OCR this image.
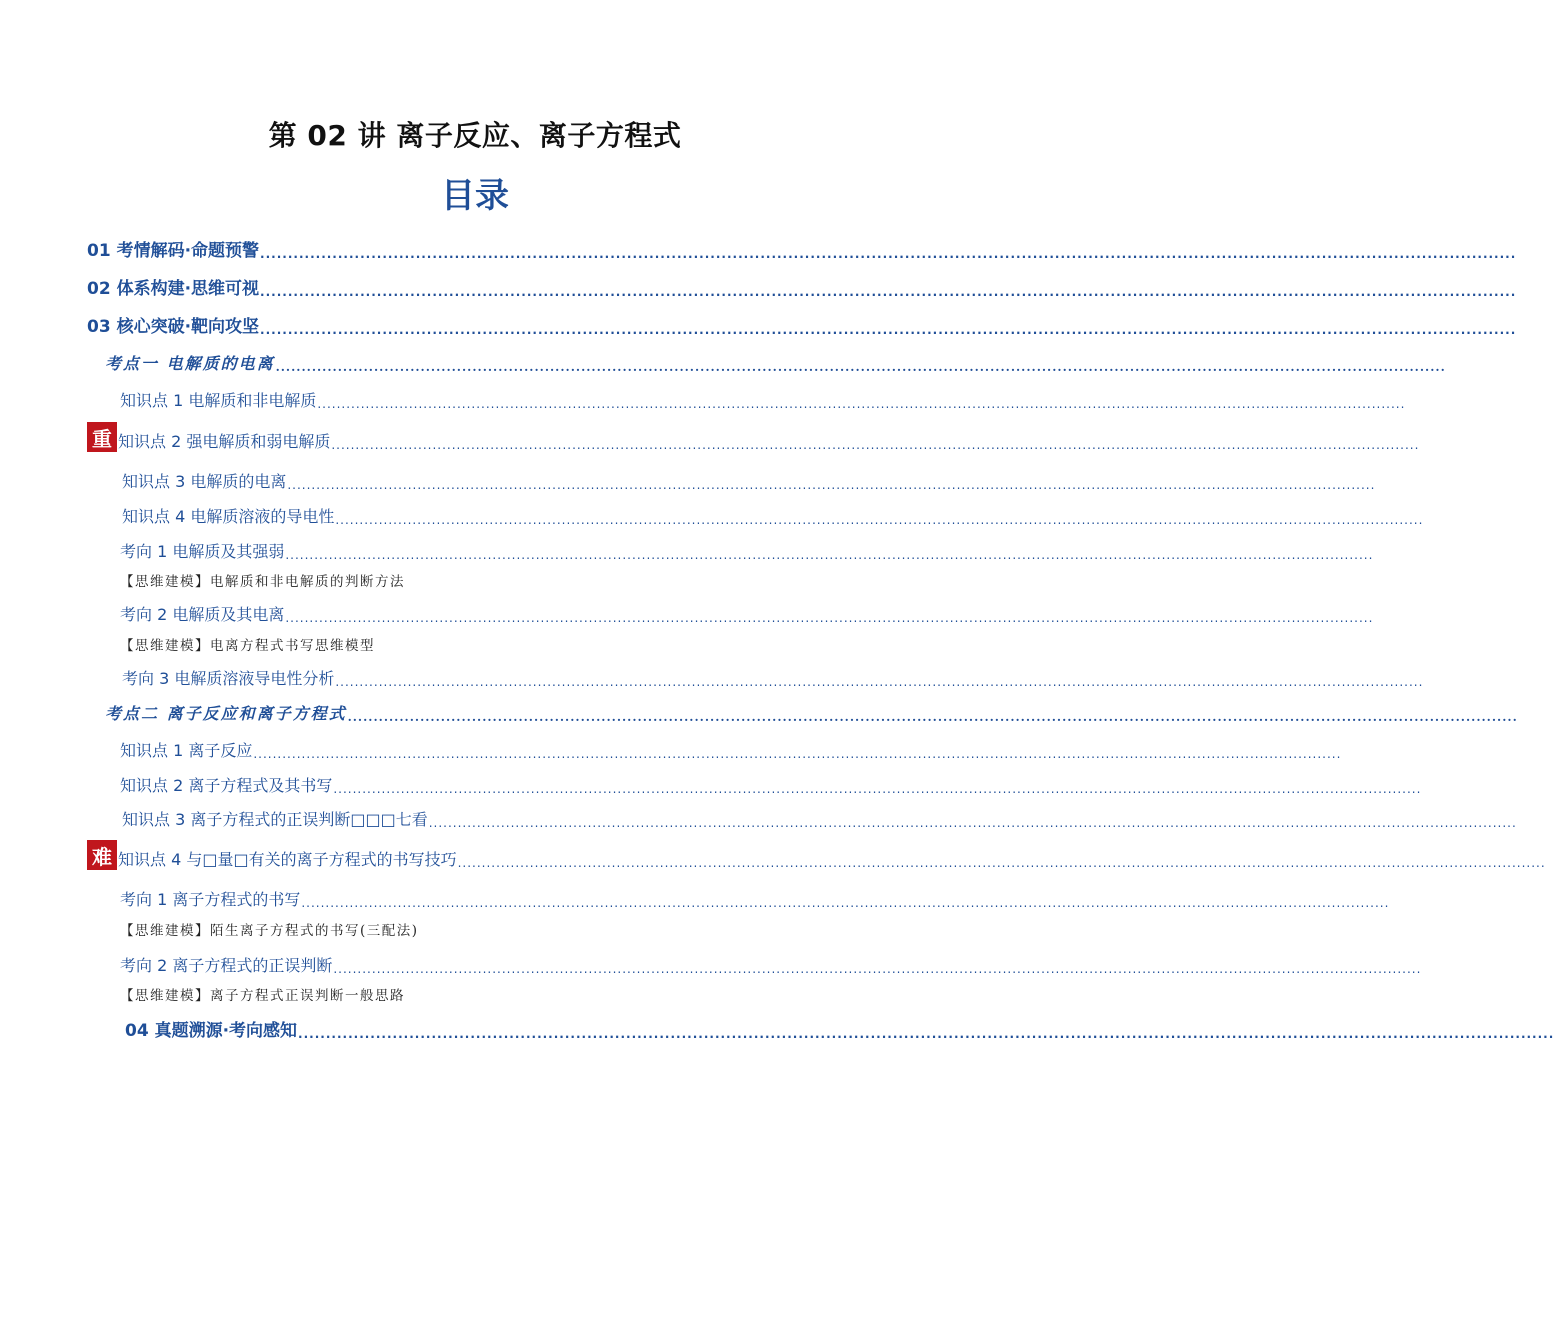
第 02 讲 离子反应、离子方程式
目录
01 考情解码·命题预警 ..................................................................................................................................................................................................................................
02 体系构建·思维可视 ..................................................................................................................................................................................................................................
03 核心突破·靶向攻坚 ..................................................................................................................................................................................................................................
考点一 电解质的电离 ..................................................................................................................................................................................................................................
知识点 1 电解质和非电解质 ..................................................................................................................................................................................................................................
重 知识点 2 强电解质和弱电解质 ..................................................................................................................................................................................................................................
知识点 3 电解质的电离 ..................................................................................................................................................................................................................................
知识点 4 电解质溶液的导电性 ..................................................................................................................................................................................................................................
考向 1 电解质及其强弱 ..................................................................................................................................................................................................................................
【思维建模】电解质和非电解质的判断方法
考向 2 电解质及其电离 ..................................................................................................................................................................................................................................
【思维建模】电离方程式书写思维模型
考向 3 电解质溶液导电性分析 ..................................................................................................................................................................................................................................
考点二 离子反应和离子方程式 ..................................................................................................................................................................................................................................
知识点 1 离子反应 ..................................................................................................................................................................................................................................
知识点 2 离子方程式及其书写 ..................................................................................................................................................................................................................................
知识点 3 离子方程式的正误判断□□□七看 ..................................................................................................................................................................................................................................
难 知识点 4 与□量□有关的离子方程式的书写技巧 ..................................................................................................................................................................................................................................
考向 1 离子方程式的书写 ..................................................................................................................................................................................................................................
【思维建模】陌生离子方程式的书写(三配法)
考向 2 离子方程式的正误判断 ..................................................................................................................................................................................................................................
【思维建模】离子方程式正误判断一般思路
04 真题溯源·考向感知 ..................................................................................................................................................................................................................................
